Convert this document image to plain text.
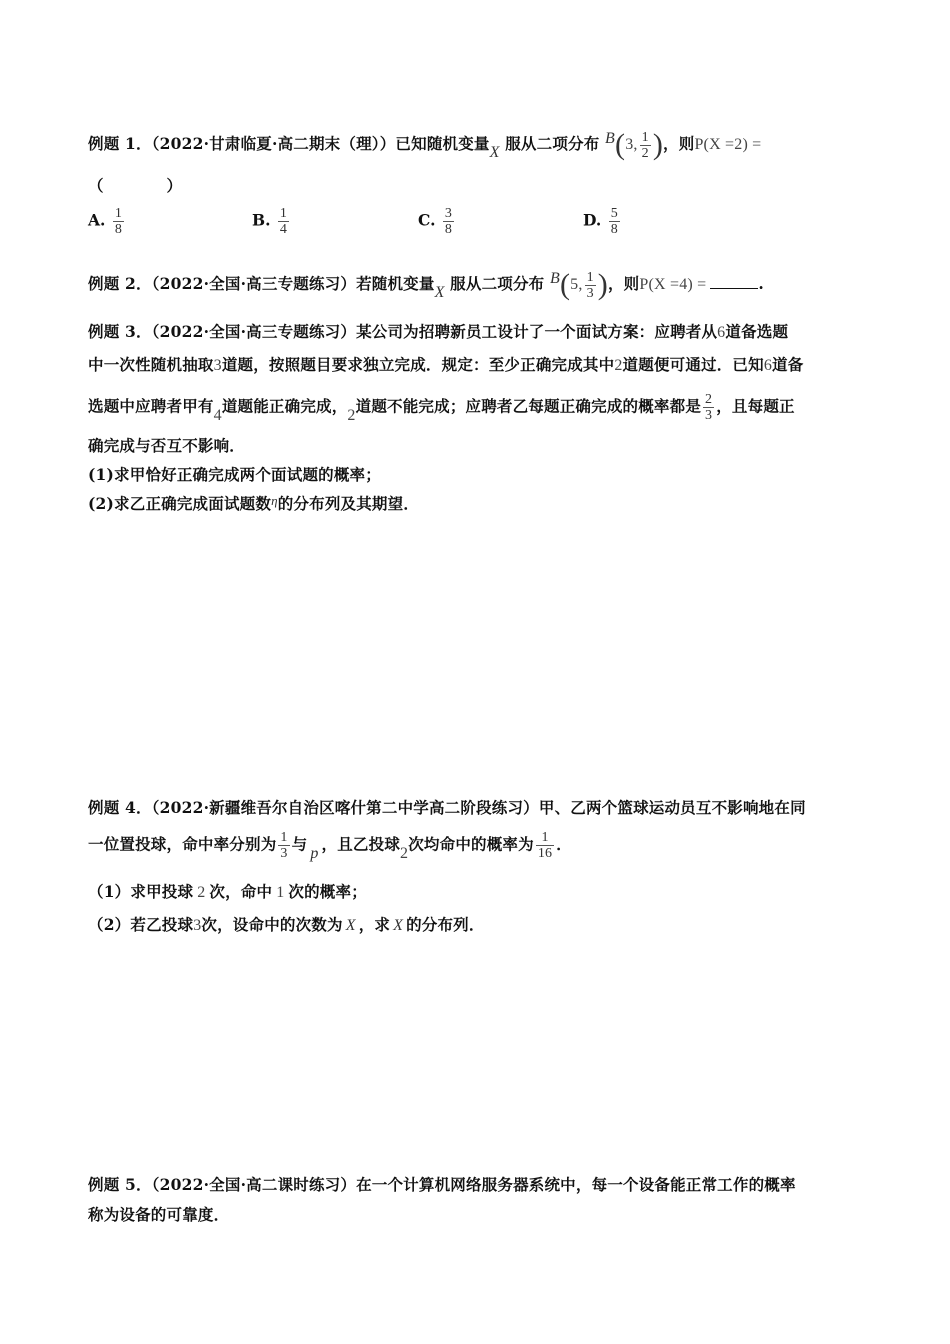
例题 1．（2022·甘肃临夏·高二期末（理））已知随机变量X 服从二项分布 B(3, $\frac{1}{2}$ )，则P(X =2) =
（　　　　）
A. $\frac{1}{8}$	B. $\frac{1}{4}$	C. $\frac{3}{8}$	D. $\frac{5}{8}$
例题 2．（2022·全国·高三专题练习）若随机变量X 服从二项分布 B(5, $\frac{1}{3}$ )，则P(X =4) =	.
例题 3．（2022·全国·高三专题练习）某公司为招聘新员工设计了一个面试方案：应聘者从6道备选题
中一次性随机抽取3道题，按照题目要求独立完成．规定：至少正确完成其中2道题便可通过．已知6道备
选题中应聘者甲有4道题能正确完成，2道题不能完成；应聘者乙每题正确完成的概率都是 $\frac{2}{3}$ ，且每题正
确完成与否互不影响．
(1)求甲恰好正确完成两个面试题的概率；
(2)求乙正确完成面试题数$^\eta$的分布列及其期望．
例题 4．（2022·新疆维吾尔自治区喀什第二中学高二阶段练习）甲、乙两个篮球运动员互不影响地在同
一位置投球，命中率分别为 $\frac{1}{3}$ 与 p ，且乙投球2次均命中的概率为 $\frac{1}{16}$ ．
（1）求甲投球 2 次，命中 1 次的概率；
（2）若乙投球3次，设命中的次数为 X ，求 X 的分布列．
例题 5．（2022·全国·高二课时练习）在一个计算机网络服务器系统中，每一个设备能正常工作的概率
称为设备的可靠度．
